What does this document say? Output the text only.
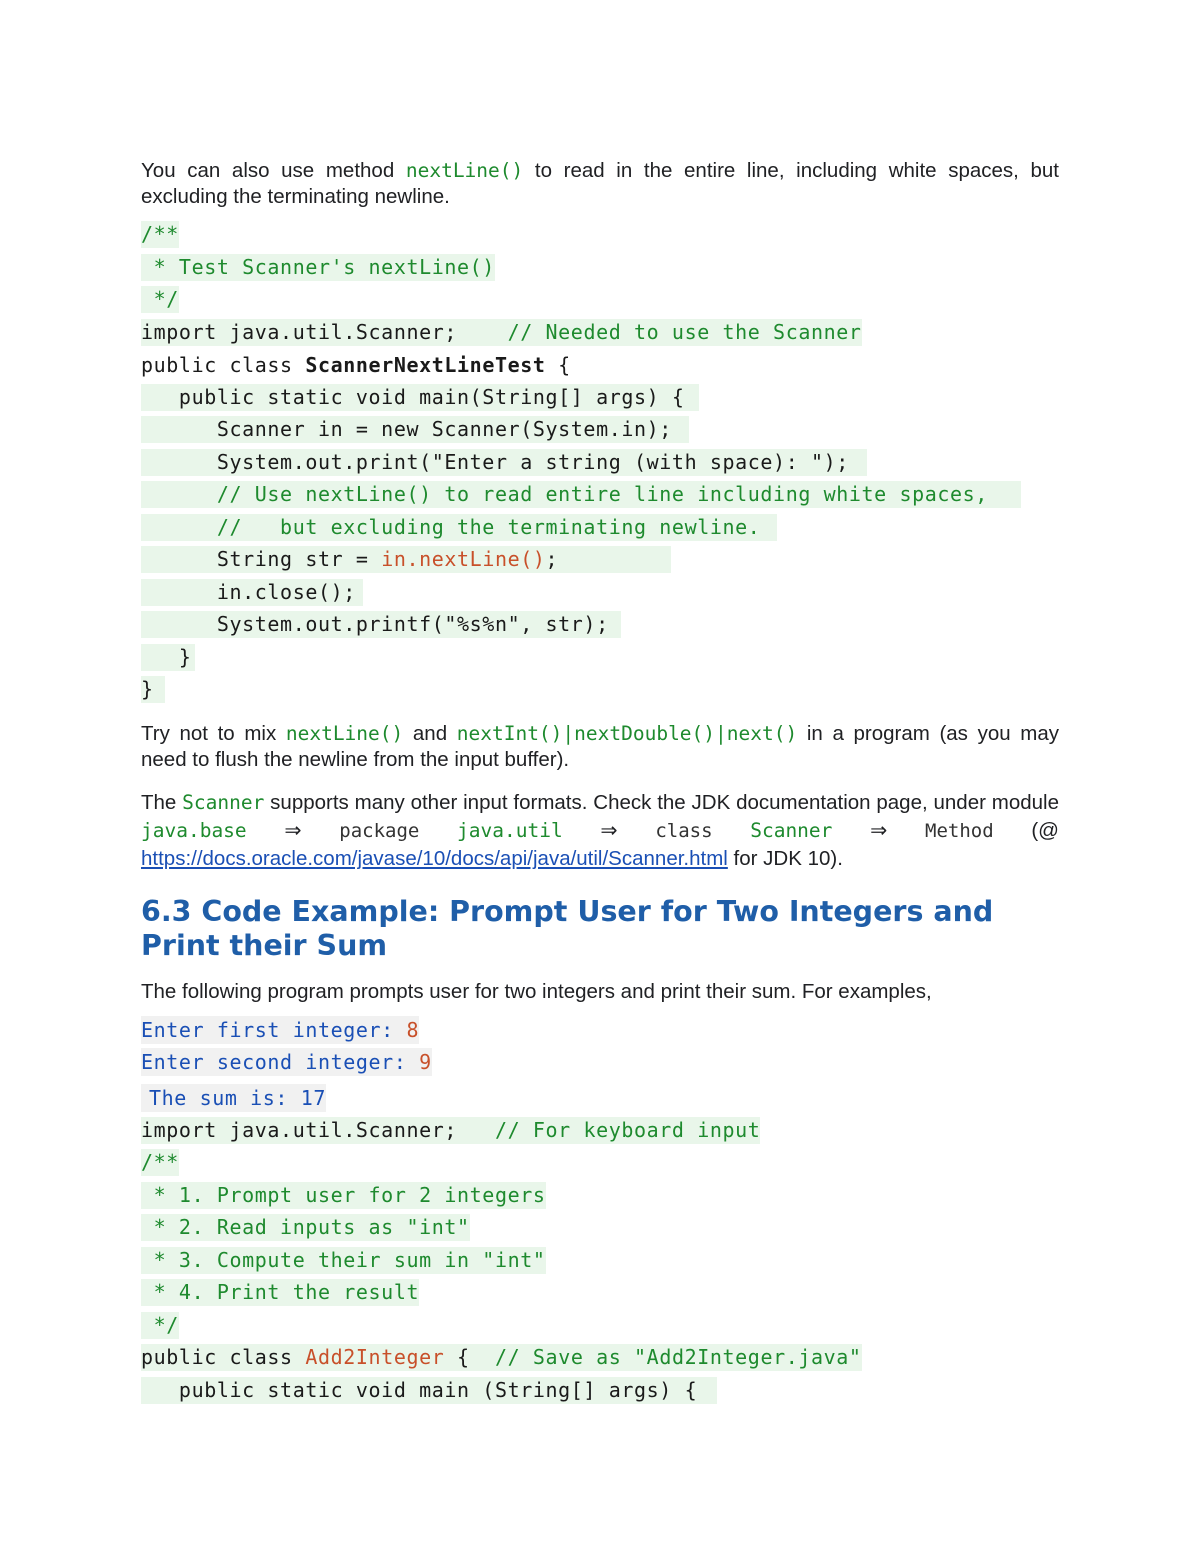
You can also use method nextLine() to read in the entire line, including white spaces, but excluding the terminating newline.

/**
* Test Scanner's nextLine()
*/
import java.util.Scanner;    // Needed to use the Scanner
public class ScannerNextLineTest {
public static void main(String[] args) {
Scanner in = new Scanner(System.in);
System.out.print("Enter a string (with space): ");
// Use nextLine() to read entire line including white spaces,
//   but excluding the terminating newline.
String str = in.nextLine();
in.close();
System.out.printf("%s%n", str);
}
}

Try not to mix nextLine() and nextInt()|nextDouble()|next() in a program (as you may need to flush the newline from the input buffer).

The Scanner supports many other input formats. Check the JDK documentation page, under module java.base ⇒ package java.util ⇒ class Scanner ⇒ Method (@ https://docs.oracle.com/javase/10/docs/api/java/util/Scanner.html for JDK 10).

6.3 Code Example: Prompt User for Two Integers and Print their Sum

The following program prompts user for two integers and print their sum. For examples,

Enter first integer: 8
Enter second integer: 9
The sum is: 17
import java.util.Scanner;   // For keyboard input
/**
* 1. Prompt user for 2 integers
* 2. Read inputs as "int"
* 3. Compute their sum in "int"
* 4. Print the result
*/
public class Add2Integer {  // Save as "Add2Integer.java"
public static void main (String[] args) {
